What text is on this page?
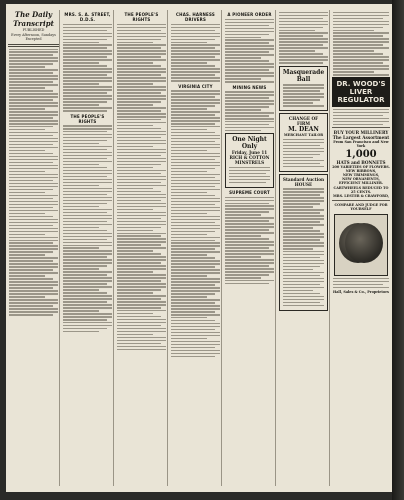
The Daily Transcript
PUBLISHED
Every Afternoon, Sundays Excepted
MRS. S. A. STREET, D.D.S.
THE PEOPLE'S RIGHTS
THE PEOPLE'S RIGHTS
CHAS. HARNESS DRIVERS
VIRGINIA CITY
A PIONEER ORDER
MINING NEWS
One Night Only
Friday, June 11
RICH & COTTON
MINSTRELS
SUPREME COURT
Masquerade Ball
CHANGE OF FIRM
M. DEAN
MERCHANT TAILOR
Standard Auction HOUSE
DR. WOOD'S LIVER REGULATOR
BUY YOUR MILLINERY
The Largest Assortment
From San Francisco and New York
1,000
HATS and BONNETS
200 VARIETIES OF FLOWERS.
NEW RIBBONS,
NEW TRIMMINGS,
NEW ORNAMENTS,
EFFICIENT MILLINER.
CARTWHEELS REDUCED TO 25 CENTS.
MRS. LESTER & CRAWFORD,
COMPARE AND JUDGE FOR YOURSELF
Hall, Sales & Co., Proprietors
